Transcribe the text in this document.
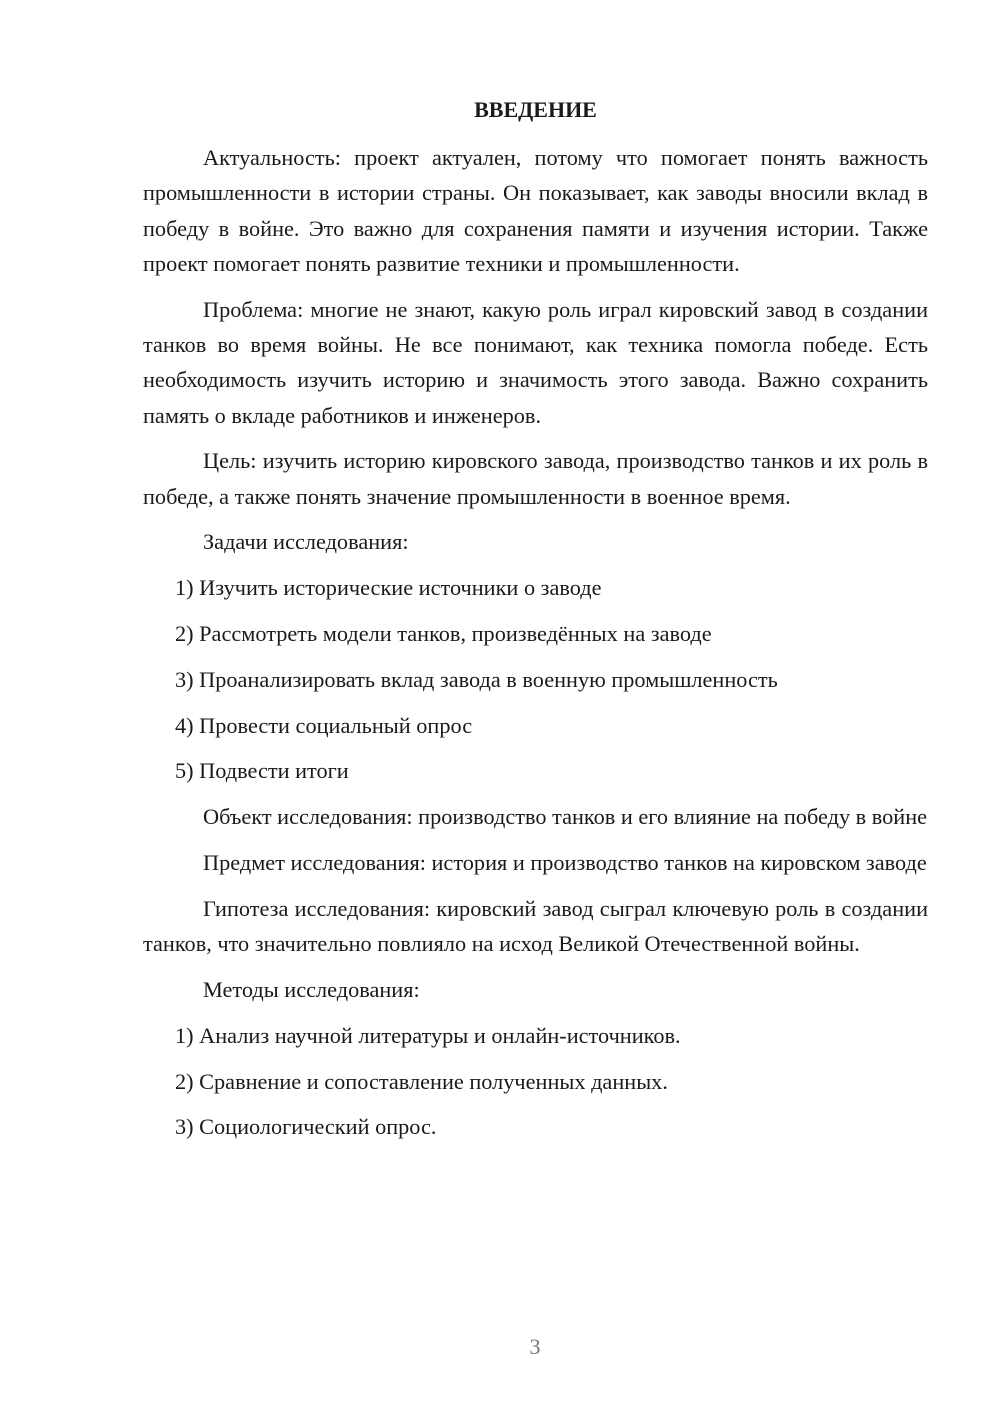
ВВЕДЕНИЕ

Актуальность: проект актуален, потому что помогает понять важность промышленности в истории страны. Он показывает, как заводы вносили вклад в победу в войне. Это важно для сохранения памяти и изучения истории. Также проект помогает понять развитие техники и промышленности.

Проблема: многие не знают, какую роль играл кировский завод в создании танков во время войны. Не все понимают, как техника помогла победе. Есть необходимость изучить историю и значимость этого завода. Важно сохранить память о вкладе работников и инженеров.

Цель: изучить историю кировского завода, производство танков и их роль в победе, а также понять значение промышленности в военное время.

Задачи исследования:

1) Изучить исторические источники о заводе

2) Рассмотреть модели танков, произведённых на заводе

3) Проанализировать вклад завода в военную промышленность

4) Провести социальный опрос

5) Подвести итоги

Объект исследования: производство танков и его влияние на победу в войне

Предмет исследования: история и производство танков на кировском заводе

Гипотеза исследования: кировский завод сыграл ключевую роль в создании танков, что значительно повлияло на исход Великой Отечественной войны.

Методы исследования:

1) Анализ научной литературы и онлайн-источников.

2) Сравнение и сопоставление полученных данных.

3) Социологический опрос.

3
